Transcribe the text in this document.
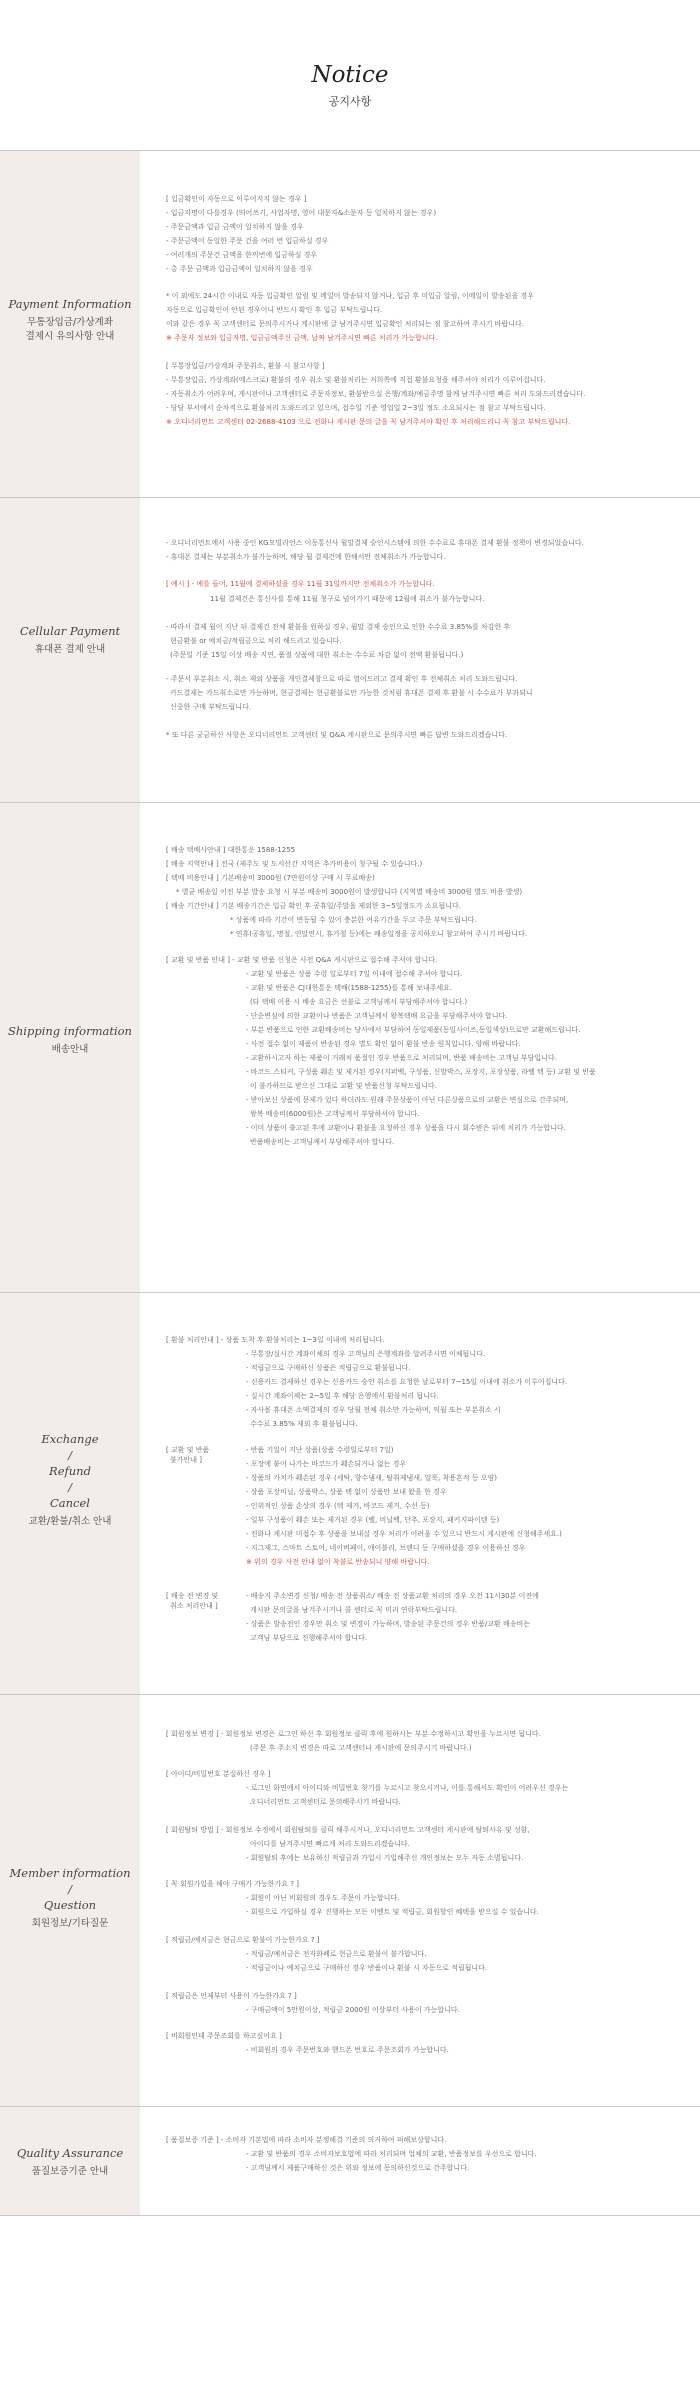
Notice
공지사항
Payment Information
무통장입금/가상계좌
결제시 유의사항 안내
[ 입금확인이 자동으로 이루어지지 않는 경우 ]
- 입금자명이 다를경우 (띄어쓰기, 사업자명, 영어 대문자&소문자 등 일치하지 않는 경우)
- 주문금액과 입금 금액이 일치하지 않을 경우
- 주문금액이 동일한 주문 건을 여러 번 입금하실 경우
- 여러개의 주문건 금액을 한꺼번에 입금하실 경우
- 총 주문 금액과 입금금액이 일치하지 않을 경우
* 이 외에도 24시간 이내로 자동 입금확인 알림 및 메일이 발송되지 않거나, 입금 후 미입금 알림, 이메일이 발송된을 경우
자동으로 입금확인이 안된 경우이니 반드시 확인 후 입금 부탁드립니다.
이와 같은 경우 꼭 고객센터로 문의주시거나 게시판에 글 남겨주시면 입금확인 처리되는 점 참고하여 주시기 바랍니다.
※ 주문자 정보와 입금자명, 입금금액주신 금액, 날짜 남겨주시면 빠른 처리가 가능합니다.
[ 무통장입금/가상계좌 주문취소, 환불 시 참고사항 ]
- 무통장입금, 가상계좌(에스크로) 환불의 경우 취소 및 환불처리는 저희쪽에 직접 환불요청을 해주셔야 처리가 이루어집니다.
- 자동취소가 어려우며, 게시판이나 고객센터로 주문자정보, 환불받으실 은행/계좌/예금주명 함께 남겨주시면 빠른 처리 도와드리겠습니다.
- 당담 부서에서 순차적으로 환불처리 도와드리고 있으며, 접수일 기준 영업일 2~3일 정도 소요되시는 점 참고 부탁드립니다.
※ 오디너리먼트 고객센터 02-2688-4103 으로 전화나 게시판 문의 글을 꼭 남겨주셔야 확인 후 처리해드리니 꼭 참고 부탁드립니다.
Cellular Payment
휴대폰 결제 안내
- 오디너리먼트에서 사용 중인 KG모빌리언스 이동통신사 월말결제 승인시스템에 의한 수수료로 휴대폰 결제 환불 정책이 변경되었습니다.
- 휴대폰 결제는 부분취소가 불가능하며, 해당 월 결제건에 한해서만 전체취소가 가능합니다.
[ 예시 ] - 예를 들어, 11월에 결제하셨을 경우 11월 31일까지만 전체취소가 가능합니다.
11월 결제건은 통신사를 통해 11월 청구로 넘어가기 때문에 12월에 취소가 불가능합니다.
- 따라서 결제 월이 지난 뒤 결제건 전체 환불을 원하실 경우, 월말 결제 승인으로 인한 수수료 3.85%를 차감한 후
현금환불 or 예치금/적립금으로 처리 해드리고 있습니다.
(주문일 기준 15일 이상 배송 지연, 품절 상품에 대한 취소는 수수료 차감 없이 전액 환불됩니다.)
- 주문서 부분취소 시, 취소 제외 상품을 개인결제창으로 따로 열어드리고 결제 확인 후 전체취소 처리 도와드립니다.
카드결제는 카드취소로만 가능하며, 현금결제는 현금환불로만 가능한 것처럼 휴대폰 결제 후 환불 시 수수료가 부과되니
신중한 구매 부탁드립니다.
* 또 다른 궁금하신 사항은 오디너리먼트 고객센터 및 Q&A 게시판으로 문의주시면 빠른 답변 도와드리겠습니다.
Shipping information
배송안내
[ 배송 택배사안내 ] 대한통운 1588-1255
[ 배송 지역안내 ] 전국 (제주도 및 도서산간 지역은 추가비용이 청구될 수 있습니다.)
[ 택배 비용안내 ] 기본배송비 3000원 (7만원이상 구매 시 무료배송)
* 별균 배송일 이전 부분 발송 요청 시 부분 배송비 3000원이 발생합니다 (지역별 배송비 3000원 별도 비용 발생)
[ 배송 기간안내 ] 기본 배송기간은 입금 확인 후 공휴일/주말을 제외한 3~5일정도가 소요됩니다.
* 상품에 따라 기간이 변동될 수 있어 충분한 여유기간을 두고 주문 부탁드립니다.
* 연휴(공휴일, 명절, 연말연시, 휴가철 등)에는 배송일정을 공지하오니 참고하여 주시기 바랍니다.
[ 교환 및 반품 안내 ] - 교환 및 반품 신청은 사전 Q&A 게시판으로 접수해 주셔야 합니다.
- 교환 및 반품은 상품 수령 일로부터 7일 이내에 접수해 주셔야 합니다.
- 교환 및 반품은 CJ대한통운 택배(1588-1255)를 통해 보내주세요.
(타 택배 이용 시 배송 요금은 선불로 고객님께서 부담해주셔야 합니다.)
- 단순변심에 의한 교환이나 반품은 고객님께서 왕복택배 요금을 부담해주셔야 합니다.
- 부분 반품으로 인한 교환배송비는 당사에서 부담하여 동일제품(동일사이즈,동일색상)으로만 교환해드립니다.
- 사전 접수 없이 제품이 반송된 경우 별도 확인 없이 환불 반송 원칙입니다. 양해 바랍니다.
- 교환하시고자 하는 제품이 거래처 품절인 경우 반품으로 처리되며, 반품 배송비는 고객님 부담입니다.
- 바코드 스티커, 구성품 훼손 및 제거된 경우(지퍼백, 구성품, 신발박스, 포장지, 포장상품, 라벨 텍 등) 교환 및 반품
이 불가하므로 받으신 그대로 교환 및 반품신청 부탁드립니다.
- 받아보신 상품에 문제가 있다 하더라도 원래 주문상품이 아닌 다른상품으로의 교환은 변심으로 간주되며,
왕복 배송비(6000원)은 고객님께서 부담하셔야 합니다.
- 이미 상품이 출고된 후에 교환이나 환불을 요청하신 경우 상품을 다시 회수받은 뒤에 처리가 가능합니다.
반품배송비는 고객님께서 부담해주셔야 합니다.
Exchange
/
Refund
/
Cancel
교환/환불/취소 안내
[ 환불 처리안내 ] - 상품 도착 후 환불처리는 1~3일 이내에 처리됩니다.
- 무통장/실시간 계좌이체의 경우 고객님의 은행계좌를 알려주시면 이체됩니다.
- 적립금으로 구매하신 상품은 적립금으로 환불됩니다.
- 신용카드 결제하신 경우는 신용카드 승인 취소를 요청한 날로부터 7~15일 이내에 취소가 이루어집니다.
- 실시간 계좌이체는 2~5일 후 해당 은행에서 환불처리 됩니다.
- 자사몰 휴대폰 소액결제의 경우 당월 전체 취소만 가능하며, 익월 또는 부분취소 시
수수료 3.85% 제외 후 환불됩니다.
[ 교환 및 반품
불가안내 ]
- 반품 기일이 지난 상품(상품 수령일로부터 7일)
- 포장에 붙어 나가는 바코드가 훼손되거나 없는 경우
- 상품의 가치가 훼손된 경우 (세탁, 향수냄새, 탈취제냄새, 얼룩, 착용흔적 등 오염)
- 상품 포장비닐, 상품박스, 상품 택 없이 상품만 보내 왔을 한 경우
- 인위적인 상품 손상의 경우 (택 제거, 바코드 제거, 수선 등)
- 일부 구성품이 훼손 또는 제거된 경우 (벨, 비닐백, 단추, 포장지, 패키지파이텐 등)
- 전화나 게시판 미접수 후 상품을 보내실 경우 처리가 어려울 수 있으니 반드시 게시판에 신청해주세요.)
- 지그재그, 스마트 스토어, 네이버페이, 에이블리, 브랜디 등 구매하셨을 경우 이용하신 경우
※ 위의 경우 사전 안내 없이 착불로 반송되니 양해 바랍니다.
[ 배송 전 변경 및
취소 처리안내 ]
- 배송지 주소변경 신청/ 배송 전 상품취소/ 배송 전 상품교환 처리의 경우 오전 11시30분 이전에
게시판 문의글을 남겨주시거나 콜 센터로 꼭 미리 연락부탁드립니다.
- 상품은 발송전인 경우만 취소 및 변경이 가능하며, 발송된 주문건의 경우 반품/교환 배송비는
고객님 부담으로 진행해주셔야 합니다.
Member information
/
Question
회원정보/기타질문
[ 회원정보 변경 ] - 회원정보 변경은 로그인 하신 후 회원정보 클릭 후에 원하시는 부분 수정하시고 확인을 누르시면 됩니다.
(주문 후 주소지 변경은 따로 고객센터나 게시판에 문의주시기 바랍니다.)
[ 아이디/비밀번호 분실하신 경우 ]
- 로그인 화면에서 아이디와 비밀번호 찾기를 누르시고 찾으시거나, 이를 통해서도 확인이 어려우신 경우는
오디너리먼트 고객센터로 문의해주시기 바랍니다.
[ 회원탈퇴 방법 ] - 회원정보 수정에서 회원탈퇴를 클릭 해주시거나, 오디너리먼트 고객센터 게시판에 탈퇴사유 및 성함,
아이디를 남겨주시면 빠르게 처리 도와드리겠습니다.
- 회원탈퇴 후에는 보유하신 적립금과 가입시 기입해주신 개인정보는 모두 자동 소멸됩니다.
[ 꼭 회원가입을 해야 구매가 가능한가요 ? ]
- 회원이 아닌 비회원의 경우도 주문이 가능합니다.
- 회원으로 가입하실 경우 진행하는 모든 이벤트 및 적립금, 회원할인 혜택을 받으실 수 있습니다.
[ 적립금/예치금은 현금으로 환불이 가능한가요 ? ]
- 적립금/예치금은 전자화폐로 현금으로 환불이 불가합니다.
- 적립금이나 예치금으로 구매하신 경우 반품이나 환불 시 자동으로 적립됩니다.
[ 적립금은 언제부터 사용이 가능한가요 ? ]
- 구매금액이 5만원이상, 적립금 2000원 이상부터 사용이 가능합니다.
[ 비회원인데 주문조회를 하고싶어요 ]
- 비회원의 경우 주문번호와 핸드폰 번호로 주문조회가 가능합니다.
Quality Assurance
품질보증기준 안내
[ 품질보증 기준 ] - 소비자 기본법에 따라 소비자 분쟁해결 기준의 의거하여 피해보상합니다.
- 교환 및 반품의 경우 소비자보호법에 따라 처리되며 업체의 교환, 반품정보를 우선으로 합니다.
- 고객님께서 제품구매하신 것은 위와 정보에 동의하신것으로 간주합니다.
